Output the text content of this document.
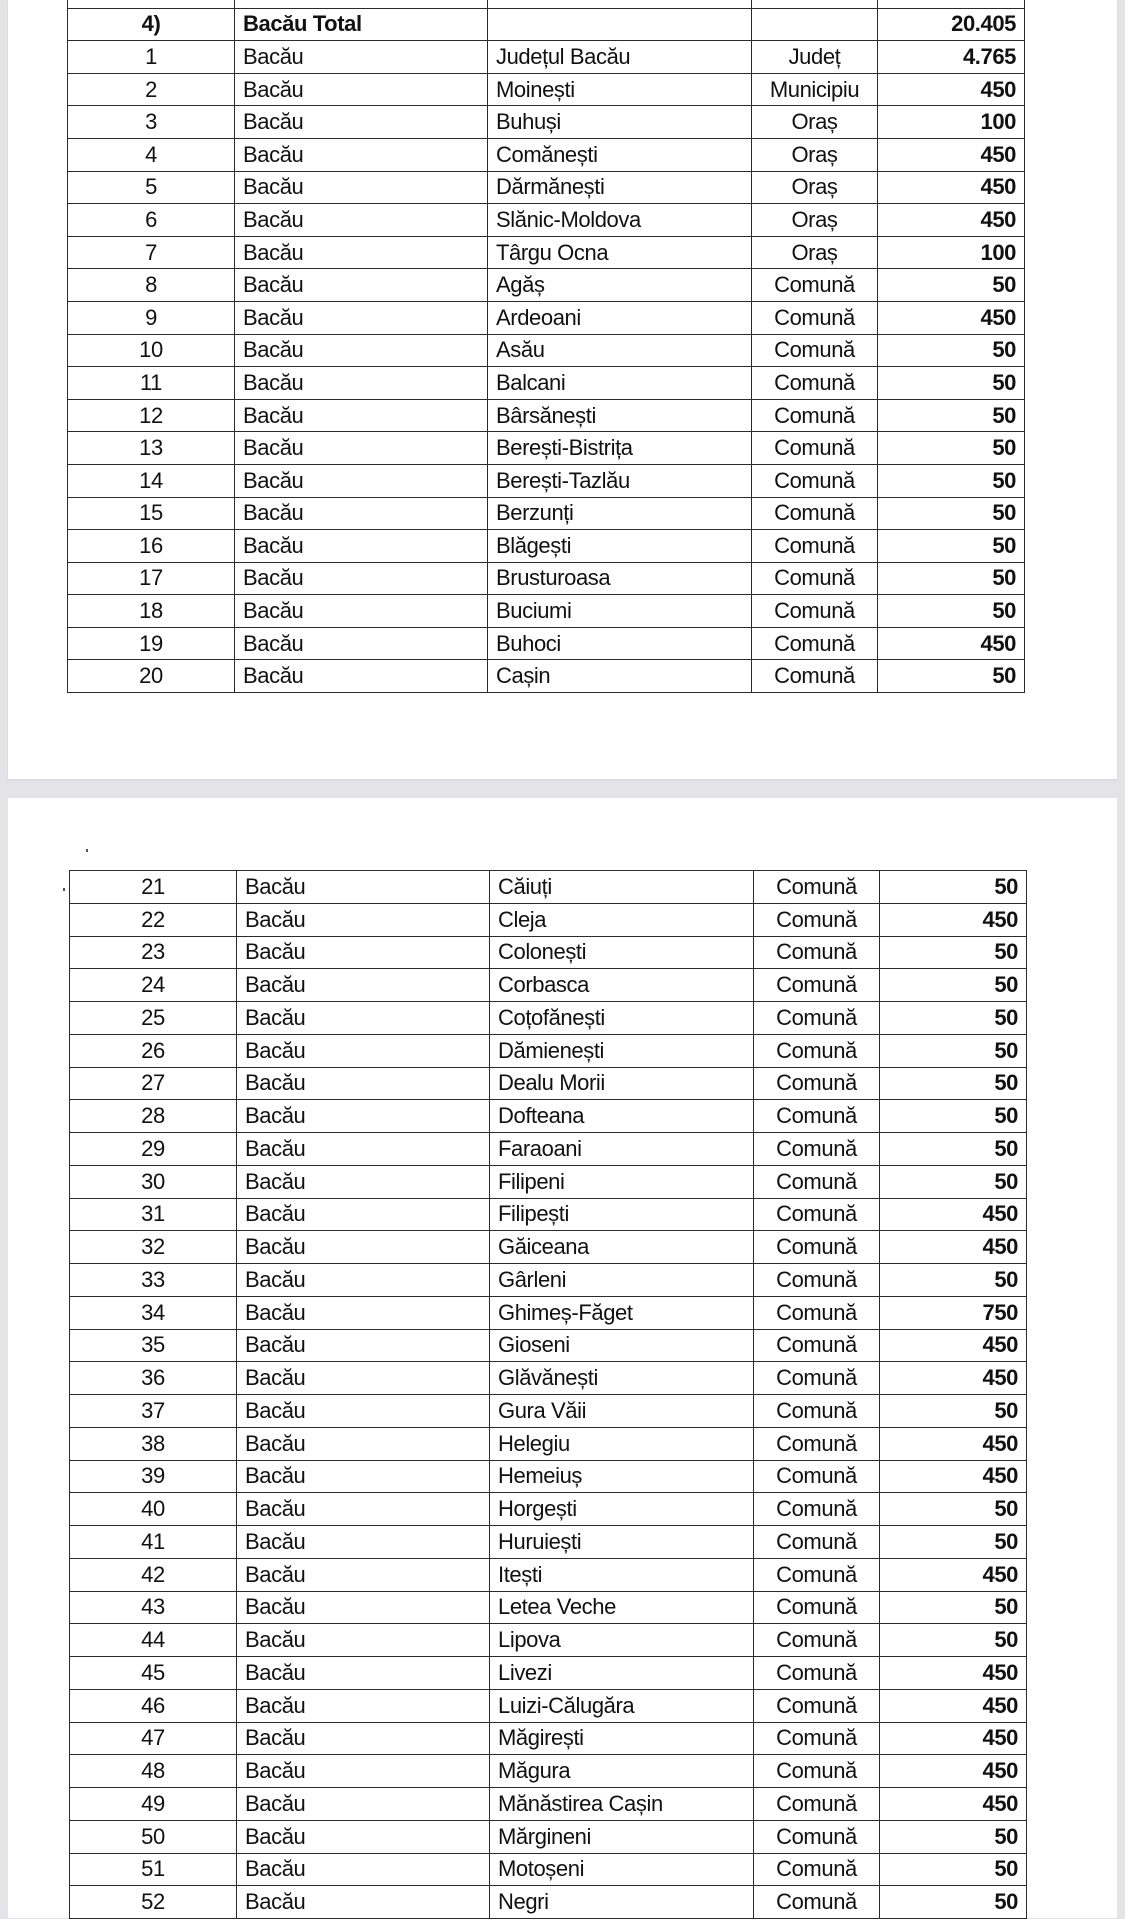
4)	Bacău Total			20.405
1	Bacău	Județul Bacău	Județ	4.765
2	Bacău	Moinești	Municipiu	450
3	Bacău	Buhuși	Oraș	100
4	Bacău	Comănești	Oraș	450
5	Bacău	Dărmănești	Oraș	450
6	Bacău	Slănic-Moldova	Oraș	450
7	Bacău	Târgu Ocna	Oraș	100
8	Bacău	Agăș	Comună	50
9	Bacău	Ardeoani	Comună	450
10	Bacău	Asău	Comună	50
11	Bacău	Balcani	Comună	50
12	Bacău	Bârsănești	Comună	50
13	Bacău	Berești-Bistrița	Comună	50
14	Bacău	Berești-Tazlău	Comună	50
15	Bacău	Berzunți	Comună	50
16	Bacău	Blăgești	Comună	50
17	Bacău	Brusturoasa	Comună	50
18	Bacău	Buciumi	Comună	50
19	Bacău	Buhoci	Comună	450
20	Bacău	Cașin	Comună	50
21	Bacău	Căiuți	Comună	50
22	Bacău	Cleja	Comună	450
23	Bacău	Colonești	Comună	50
24	Bacău	Corbasca	Comună	50
25	Bacău	Coțofănești	Comună	50
26	Bacău	Dămienești	Comună	50
27	Bacău	Dealu Morii	Comună	50
28	Bacău	Dofteana	Comună	50
29	Bacău	Faraoani	Comună	50
30	Bacău	Filipeni	Comună	50
31	Bacău	Filipești	Comună	450
32	Bacău	Găiceana	Comună	450
33	Bacău	Gârleni	Comună	50
34	Bacău	Ghimeș-Făget	Comună	750
35	Bacău	Gioseni	Comună	450
36	Bacău	Glăvănești	Comună	450
37	Bacău	Gura Văii	Comună	50
38	Bacău	Helegiu	Comună	450
39	Bacău	Hemeiuș	Comună	450
40	Bacău	Horgești	Comună	50
41	Bacău	Huruiești	Comună	50
42	Bacău	Itești	Comună	450
43	Bacău	Letea Veche	Comună	50
44	Bacău	Lipova	Comună	50
45	Bacău	Livezi	Comună	450
46	Bacău	Luizi-Călugăra	Comună	450
47	Bacău	Măgirești	Comună	450
48	Bacău	Măgura	Comună	450
49	Bacău	Mănăstirea Cașin	Comună	450
50	Bacău	Mărgineni	Comună	50
51	Bacău	Motoșeni	Comună	50
52	Bacău	Negri	Comună	50
